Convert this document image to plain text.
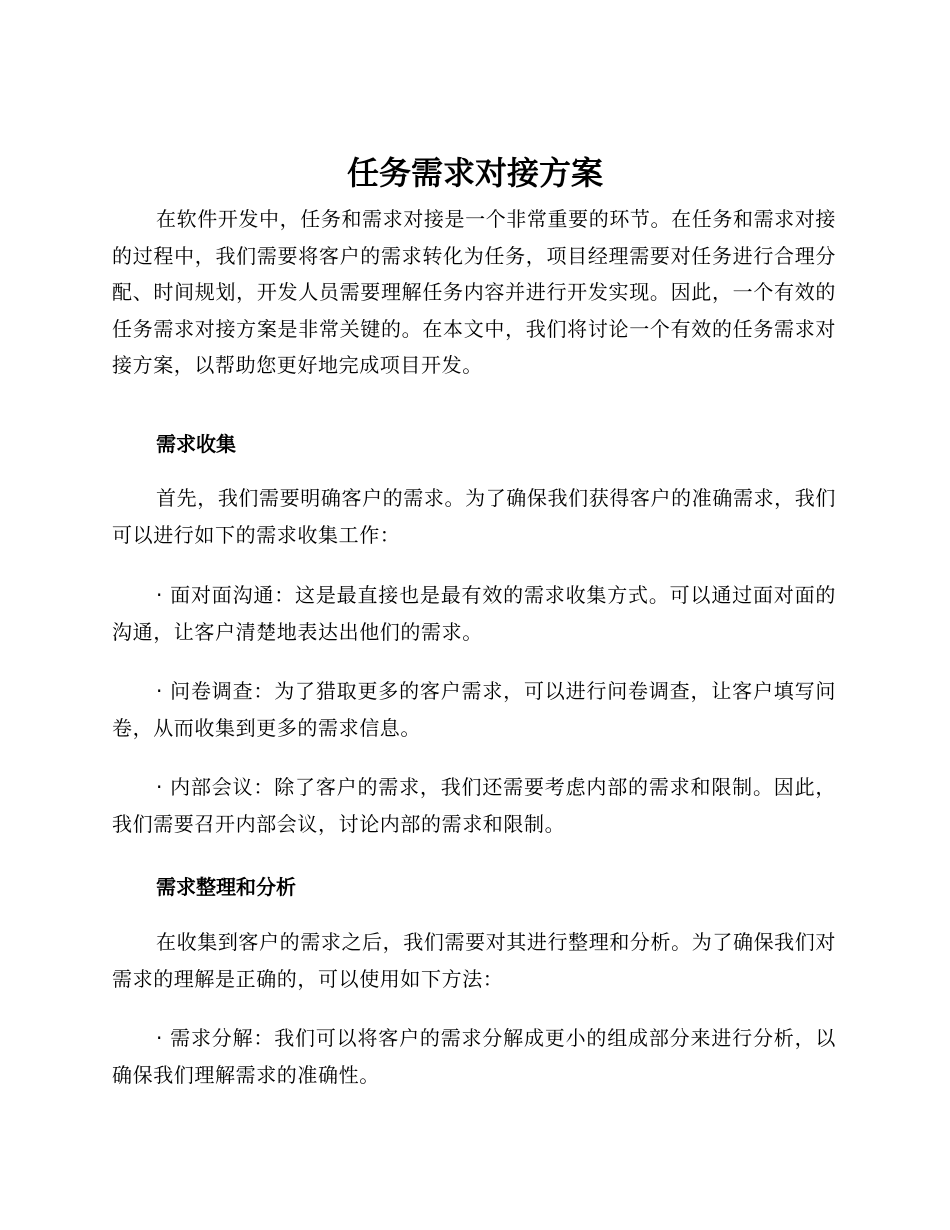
任务需求对接方案

在软件开发中，任务和需求对接是一个非常重要的环节。在任务和需求对接的过程中，我们需要将客户的需求转化为任务，项目经理需要对任务进行合理分配、时间规划，开发人员需要理解任务内容并进行开发实现。因此，一个有效的任务需求对接方案是非常关键的。在本文中，我们将讨论一个有效的任务需求对接方案，以帮助您更好地完成项目开发。

需求收集

首先，我们需要明确客户的需求。为了确保我们获得客户的准确需求，我们可以进行如下的需求收集工作：

· 面对面沟通：这是最直接也是最有效的需求收集方式。可以通过面对面的沟通，让客户清楚地表达出他们的需求。

· 问卷调查：为了猎取更多的客户需求，可以进行问卷调查，让客户填写问卷，从而收集到更多的需求信息。

· 内部会议：除了客户的需求，我们还需要考虑内部的需求和限制。因此，我们需要召开内部会议，讨论内部的需求和限制。

需求整理和分析

在收集到客户的需求之后，我们需要对其进行整理和分析。为了确保我们对需求的理解是正确的，可以使用如下方法：

· 需求分解：我们可以将客户的需求分解成更小的组成部分来进行分析，以确保我们理解需求的准确性。
